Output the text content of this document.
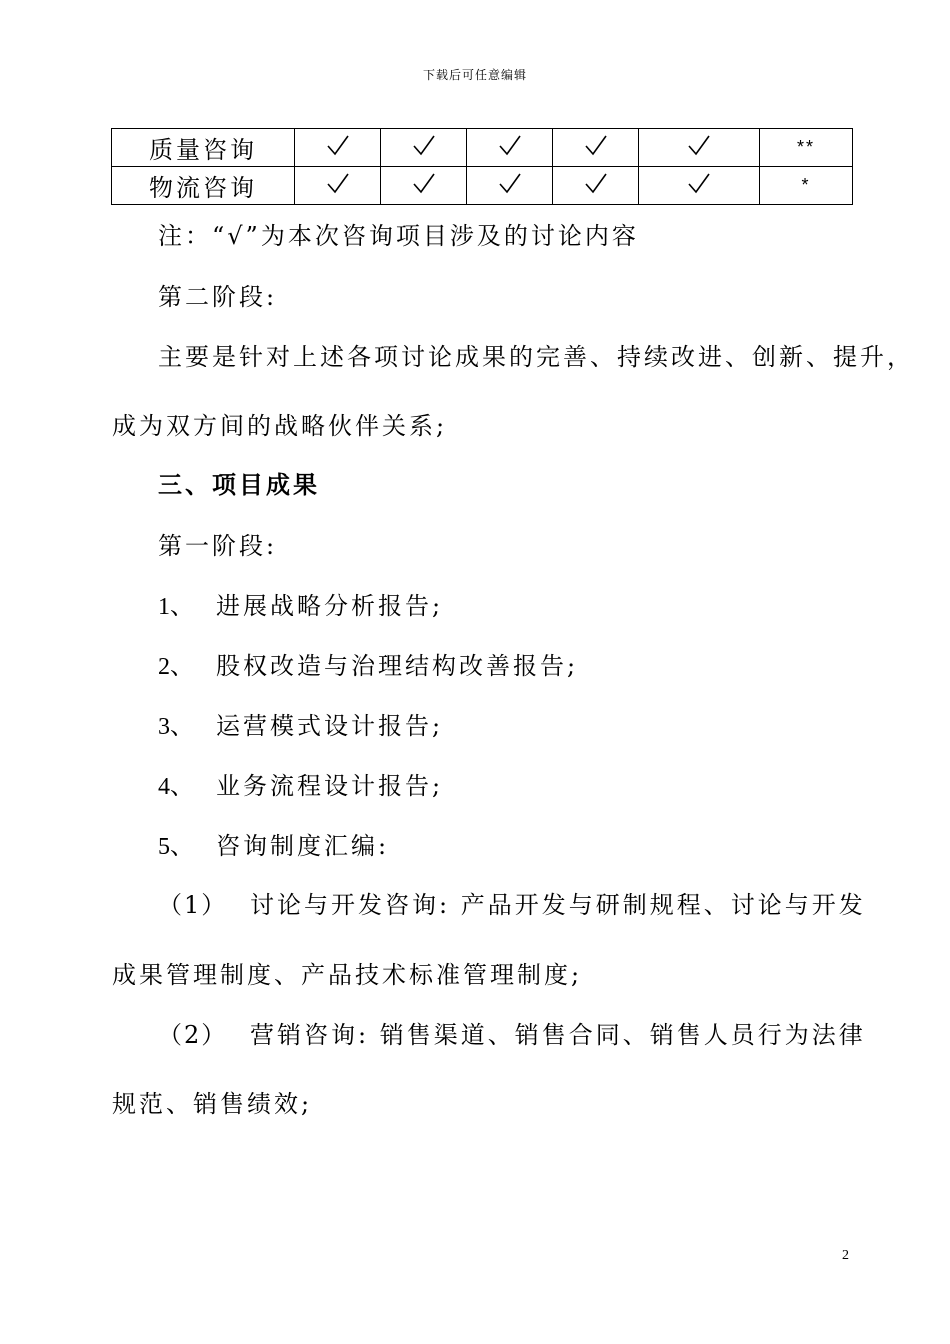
下载后可任意编辑
质量咨询						**
物流咨询						*
注：“√”为本次咨询项目涉及的讨论内容
第二阶段:
主要是针对上述各项讨论成果的完善、持续改进、创新、提升，
成为双方间的战略伙伴关系;
三、项目成果
第一阶段:
1、 进展战略分析报告;
2、 股权改造与治理结构改善报告;
3、 运营模式设计报告;
4、 业务流程设计报告;
5、 咨询制度汇编:
（1） 讨论与开发咨询: 产品开发与研制规程、讨论与开发
成果管理制度、产品技术标准管理制度;
（2） 营销咨询: 销售渠道、销售合同、销售人员行为法律
规范、销售绩效;
2
